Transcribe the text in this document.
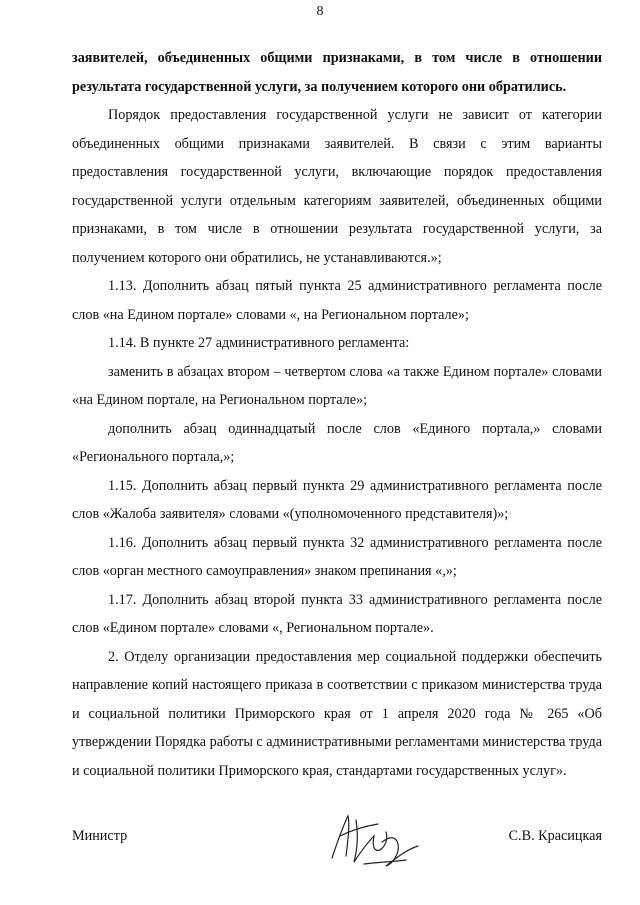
8

заявителей, объединенных общими признаками, в том числе в отношении результата государственной услуги, за получением которого они обратились.

Порядок предоставления государственной услуги не зависит от категории объединенных общими признаками заявителей. В связи с этим варианты предоставления государственной услуги, включающие порядок предоставления государственной услуги отдельным категориям заявителей, объединенных общими признаками, в том числе в отношении результата государственной услуги, за получением которого они обратились, не устанавливаются.»;

1.13. Дополнить абзац пятый пункта 25 административного регламента после слов «на Едином портале» словами «, на Региональном портале»;

1.14. В пункте 27 административного регламента:

заменить в абзацах втором – четвертом слова «а также Едином портале» словами «на Едином портале, на Региональном портале»;

дополнить абзац одиннадцатый после слов «Единого портала,» словами «Регионального портала,»;

1.15. Дополнить абзац первый пункта 29 административного регламента после слов «Жалоба заявителя» словами «(уполномоченного представителя)»;

1.16. Дополнить абзац первый пункта 32 административного регламента после слов «орган местного самоуправления» знаком препинания «,»;

1.17. Дополнить абзац второй пункта 33 административного регламента после слов «Едином портале» словами «, Региональном портале».

2. Отделу организации предоставления мер социальной поддержки обеспечить направление копий настоящего приказа в соответствии с приказом министерства труда и социальной политики Приморского края от 1 апреля 2020 года № 265 «Об утверждении Порядка работы с административными регламентами министерства труда и социальной политики Приморского края, стандартами государственных услуг».

Министр	С.В. Красицкая
